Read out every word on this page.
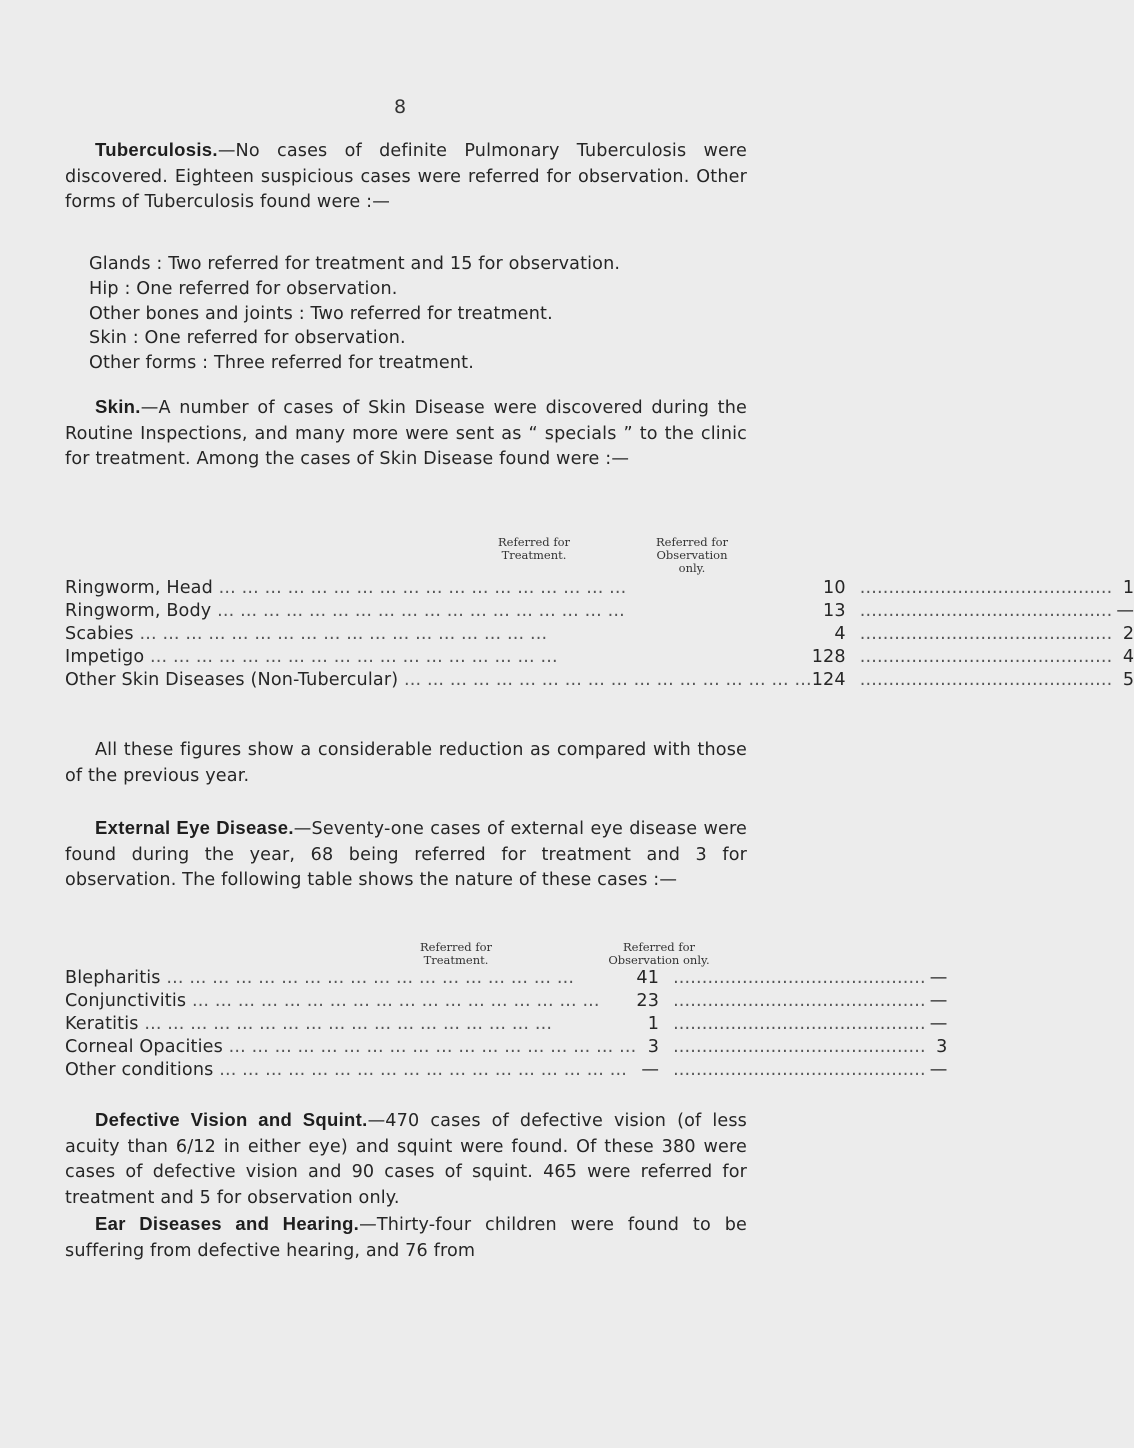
8

Tuberculosis.—No cases of definite Pulmonary Tuberculosis were discovered. Eighteen suspicious cases were referred for observation. Other forms of Tuberculosis found were :—

Glands : Two referred for treatment and 15 for observation.
Hip : One referred for observation.
Other bones and joints : Two referred for treatment.
Skin : One referred for observation.
Other forms : Three referred for treatment.

Skin.—A number of cases of Skin Disease were discovered during the Routine Inspections, and many more were sent as “ specials ” to the clinic for treatment. Among the cases of Skin Disease found were :—

Referred for Treatment.
Referred for Observation only.
Ringworm, Head ... ... ... ... ... ... ... ... ... ... ... ... ... ... ... ... ... ...	10	............................................ 1

Ringworm, Body ... ... ... ... ... ... ... ... ... ... ... ... ... ... ... ... ... ...	13	............................................ —

Scabies ... ... ... ... ... ... ... ... ... ... ... ... ... ... ... ... ... ...	4	............................................ 2

Impetigo ... ... ... ... ... ... ... ... ... ... ... ... ... ... ... ... ... ...	128	............................................ 4

Other Skin Diseases (Non-Tubercular) ... ... ... ... ... ... ... ... ... ... ... ... ... ... ... ... ... ...	124	............................................ 5

All these figures show a considerable reduction as compared with those of the previous year.

External Eye Disease.—Seventy-one cases of external eye disease were found during the year, 68 being referred for treatment and 3 for observation. The following table shows the nature of these cases :—

Referred for Treatment.
Referred for Observation only.
Blepharitis ... ... ... ... ... ... ... ... ... ... ... ... ... ... ... ... ... ...	41	............................................ —

Conjunctivitis ... ... ... ... ... ... ... ... ... ... ... ... ... ... ... ... ... ...	23	............................................ —

Keratitis ... ... ... ... ... ... ... ... ... ... ... ... ... ... ... ... ... ...	1	............................................ —

Corneal Opacities ... ... ... ... ... ... ... ... ... ... ... ... ... ... ... ... ... ...	3	............................................ 3

Other conditions ... ... ... ... ... ... ... ... ... ... ... ... ... ... ... ... ... ...	—	............................................ —

Defective Vision and Squint.—470 cases of defective vision (of less acuity than 6/12 in either eye) and squint were found. Of these 380 were cases of defective vision and 90 cases of squint. 465 were referred for treatment and 5 for observation only.

Ear Diseases and Hearing.—Thirty-four children were found to be suffering from defective hearing, and 76 from
